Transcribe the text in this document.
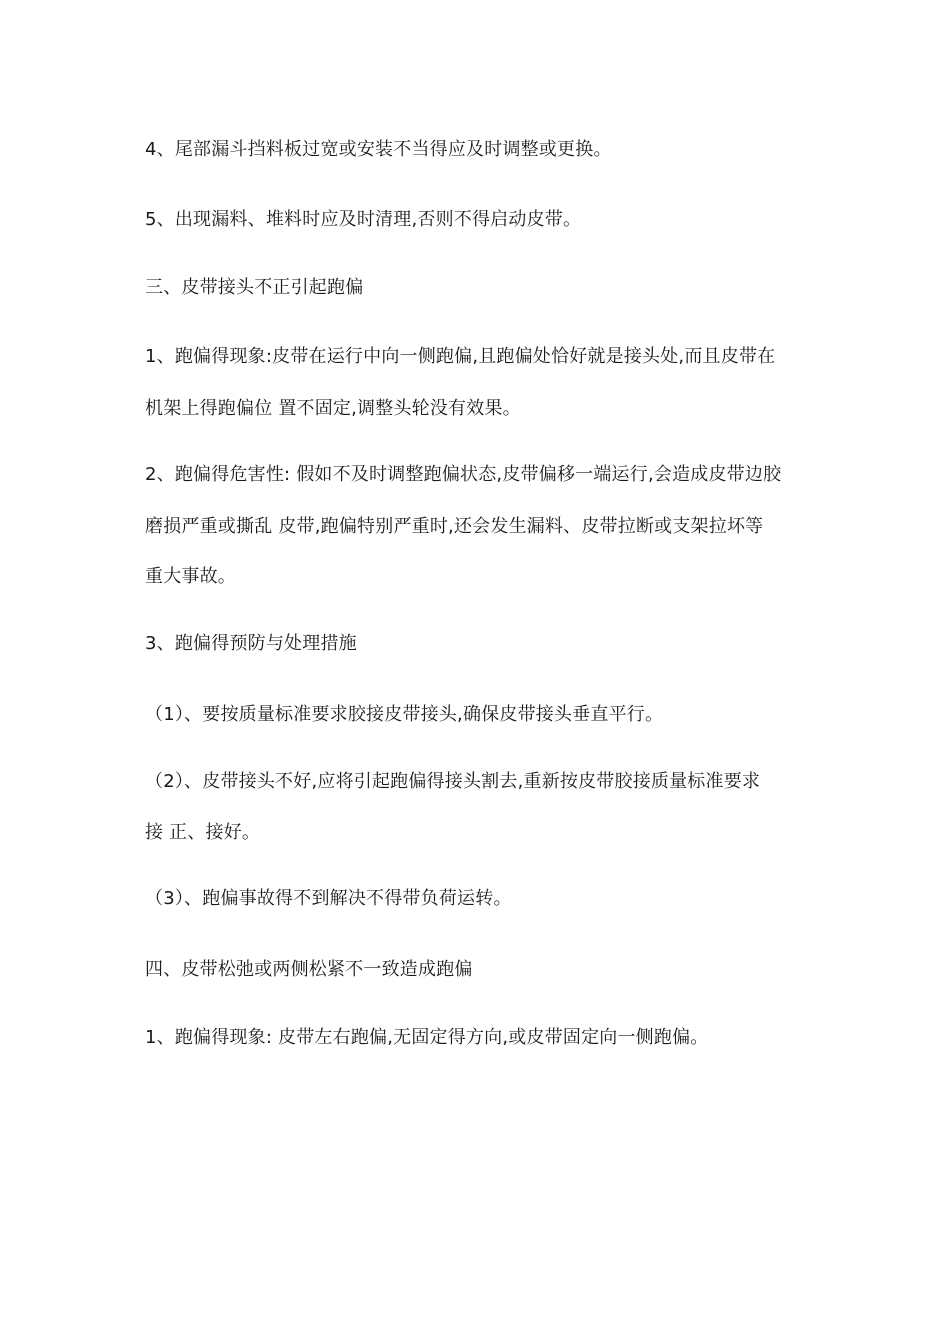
4、尾部漏斗挡料板过宽或安装不当得应及时调整或更换。
5、出现漏料、堆料时应及时清理,否则不得启动皮带。
三、皮带接头不正引起跑偏
1、跑偏得现象:皮带在运行中向一侧跑偏,且跑偏处恰好就是接头处,而且皮带在
机架上得跑偏位 置不固定,调整头轮没有效果。
2、跑偏得危害性: 假如不及时调整跑偏状态,皮带偏移一端运行,会造成皮带边胶
磨损严重或撕乱 皮带,跑偏特别严重时,还会发生漏料、皮带拉断或支架拉坏等
重大事故。
3、跑偏得预防与处理措施
（1）、要按质量标准要求胶接皮带接头,确保皮带接头垂直平行。
（2）、皮带接头不好,应将引起跑偏得接头割去,重新按皮带胶接质量标准要求
接 正、接好。
（3）、跑偏事故得不到解决不得带负荷运转。
四、皮带松弛或两侧松紧不一致造成跑偏
1、跑偏得现象: 皮带左右跑偏,无固定得方向,或皮带固定向一侧跑偏。
